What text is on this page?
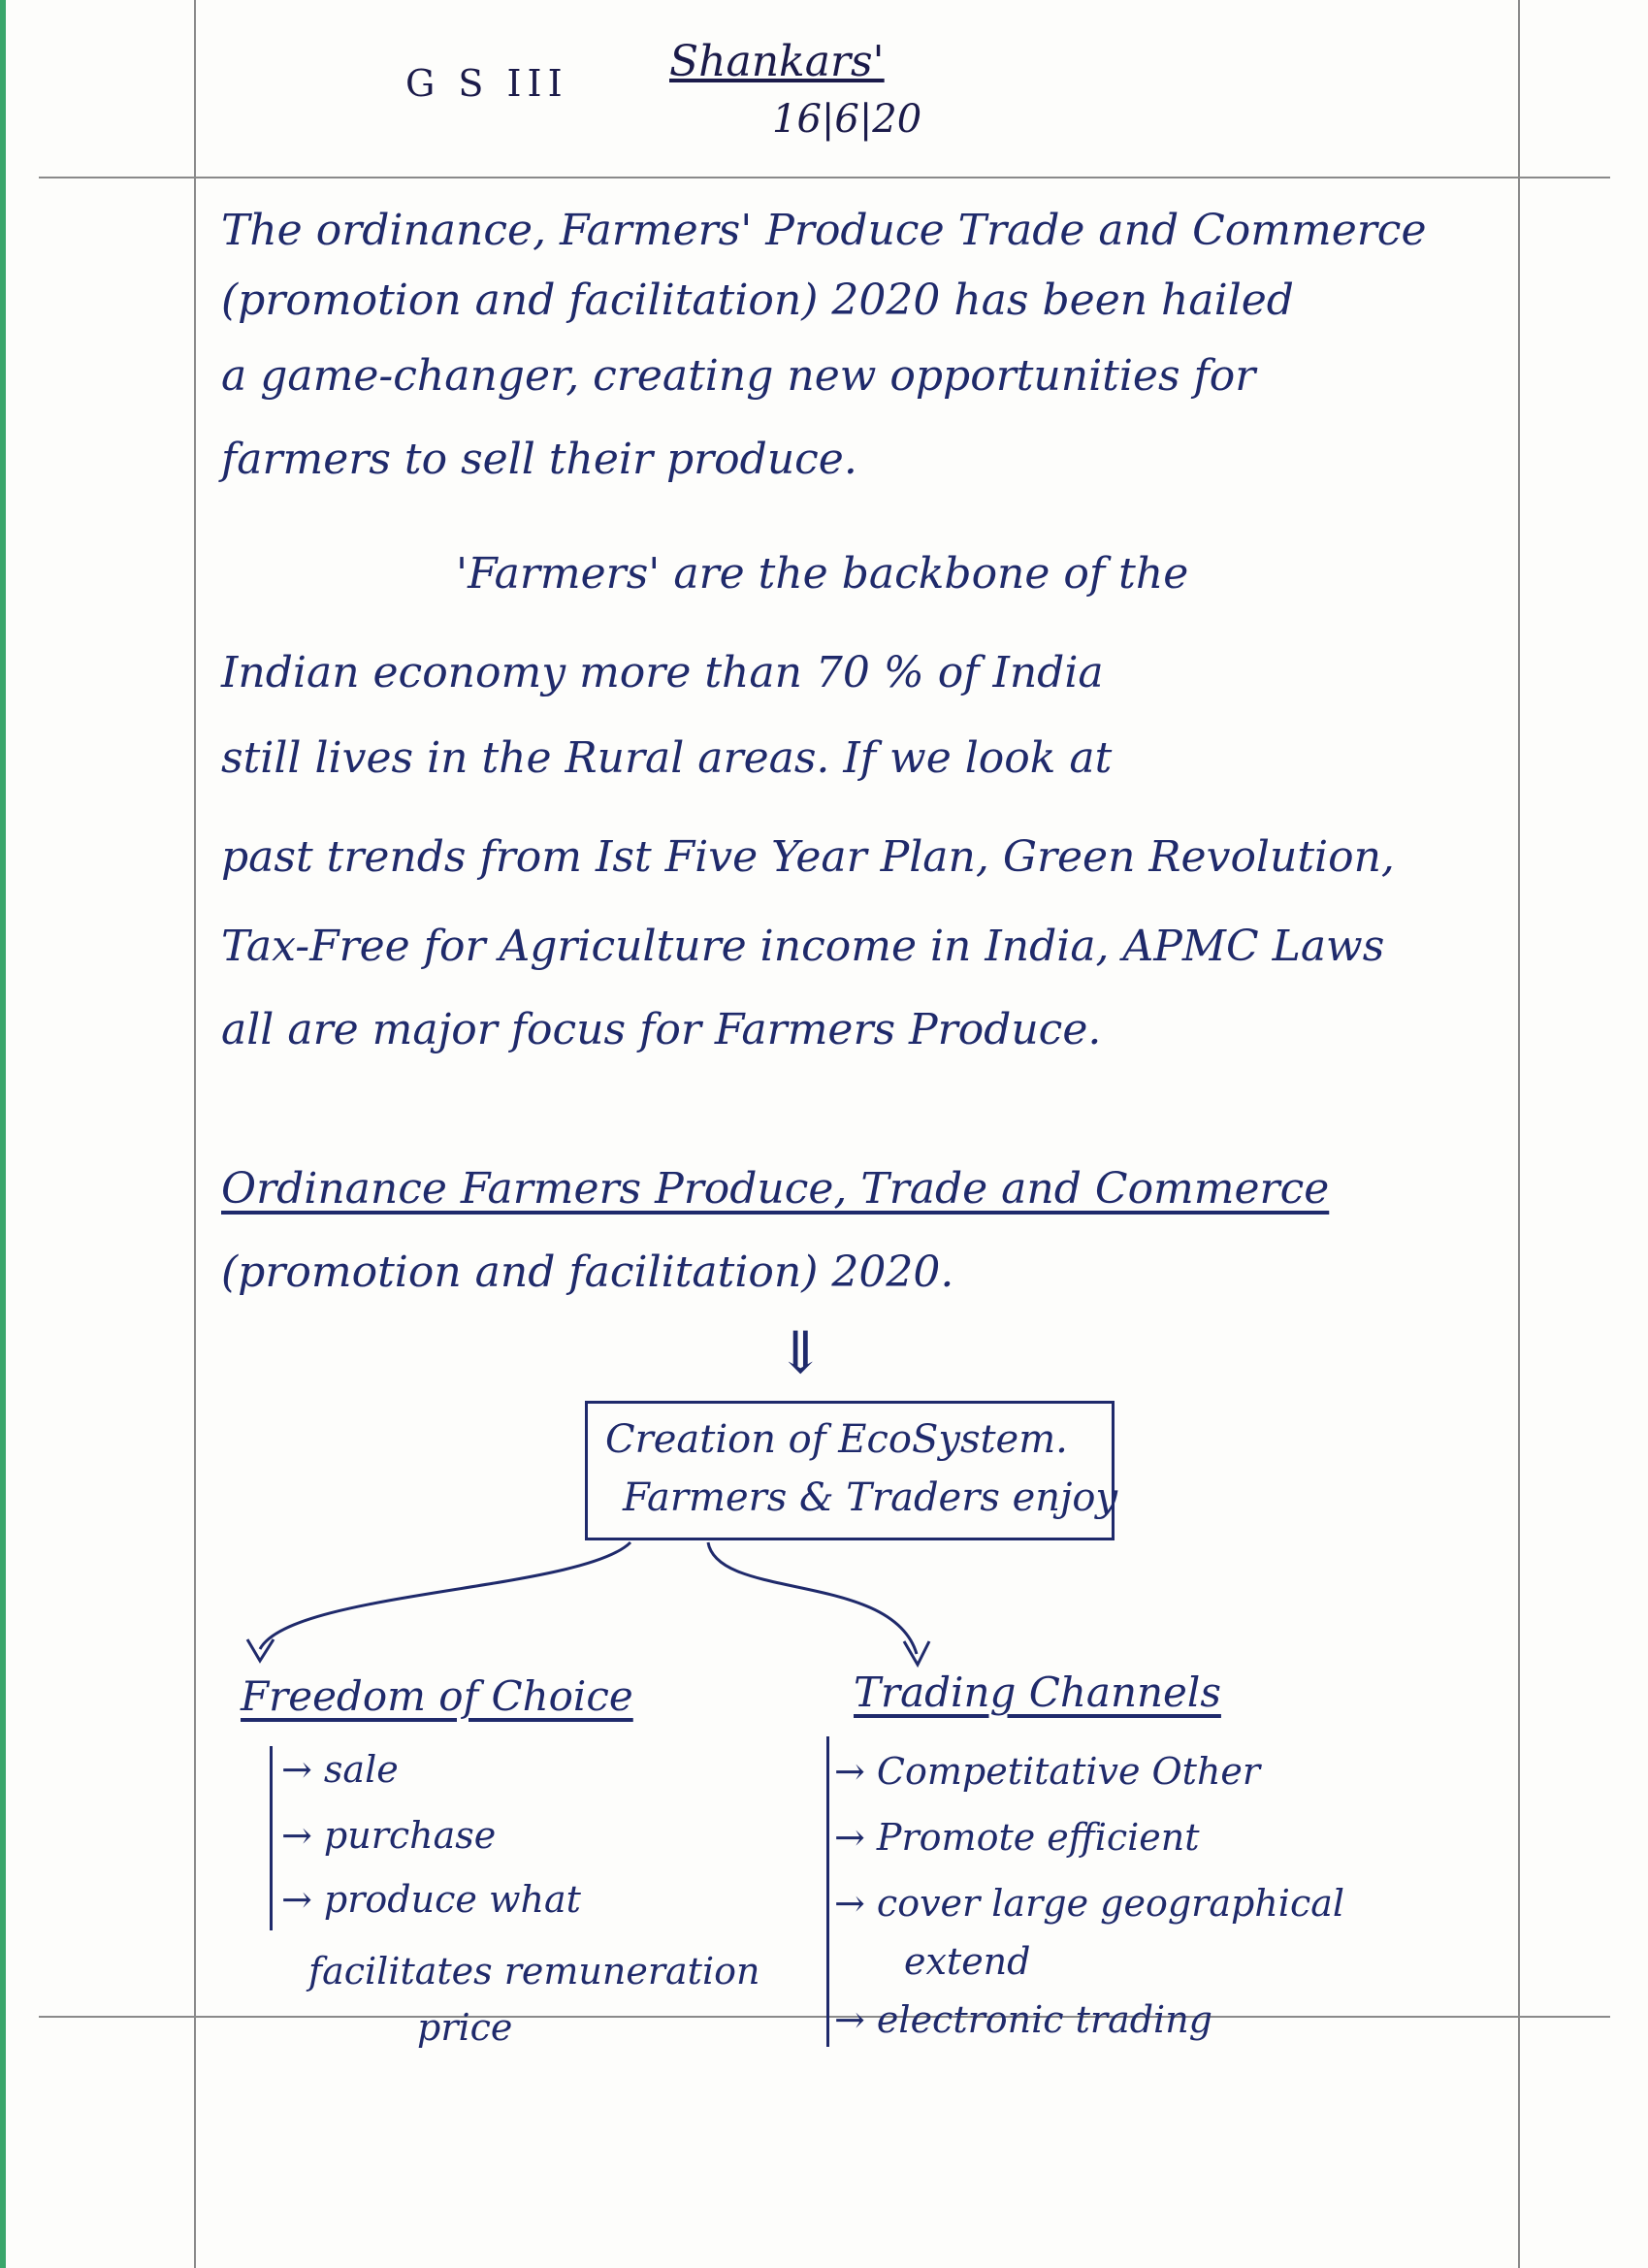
G S III Shankars'
16|6|20
The ordinance, Farmers' Produce Trade and Commerce
(promotion and facilitation) 2020 has been hailed
a game-changer, creating new opportunities for
farmers to sell their produce.
'Farmers' are the backbone of the
Indian economy more than 70 % of India
still lives in the Rural areas. If we look at
past trends from Ist Five Year Plan, Green Revolution,
Tax-Free for Agriculture income in India, APMC Laws
all are major focus for Farmers Produce.
Ordinance Farmers Produce, Trade and Commerce
(promotion and facilitation) 2020.
⇓
Creation of EcoSystem.
Farmers & Traders enjoy
Freedom of Choice
→ sale
→ purchase
→ produce what
facilitates remuneration
price
Trading Channels
→ Competitative Other
→ Promote efficient
→ cover large geographical
extend
→ electronic trading
